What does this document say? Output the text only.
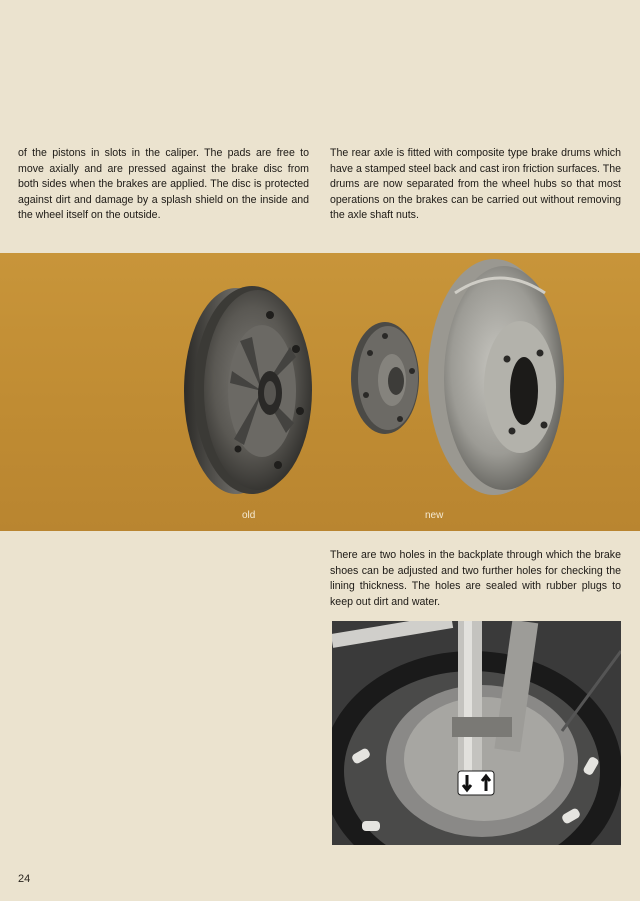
of the pistons in slots in the caliper. The pads are free to move axially and are pressed against the brake disc from both sides when the brakes are applied. The disc is protected against dirt and damage by a splash shield on the inside and the wheel itself on the outside.

The rear axle is fitted with composite type brake drums which have a stamped steel back and cast iron friction surfaces. The drums are now separated from the wheel hubs so that most operations on the brakes can be carried out without removing the axle shaft nuts.

old	new

There are two holes in the backplate through which the brake shoes can be adjusted and two further holes for checking the lining thickness. The holes are sealed with rubber plugs to keep out dirt and water.

24
